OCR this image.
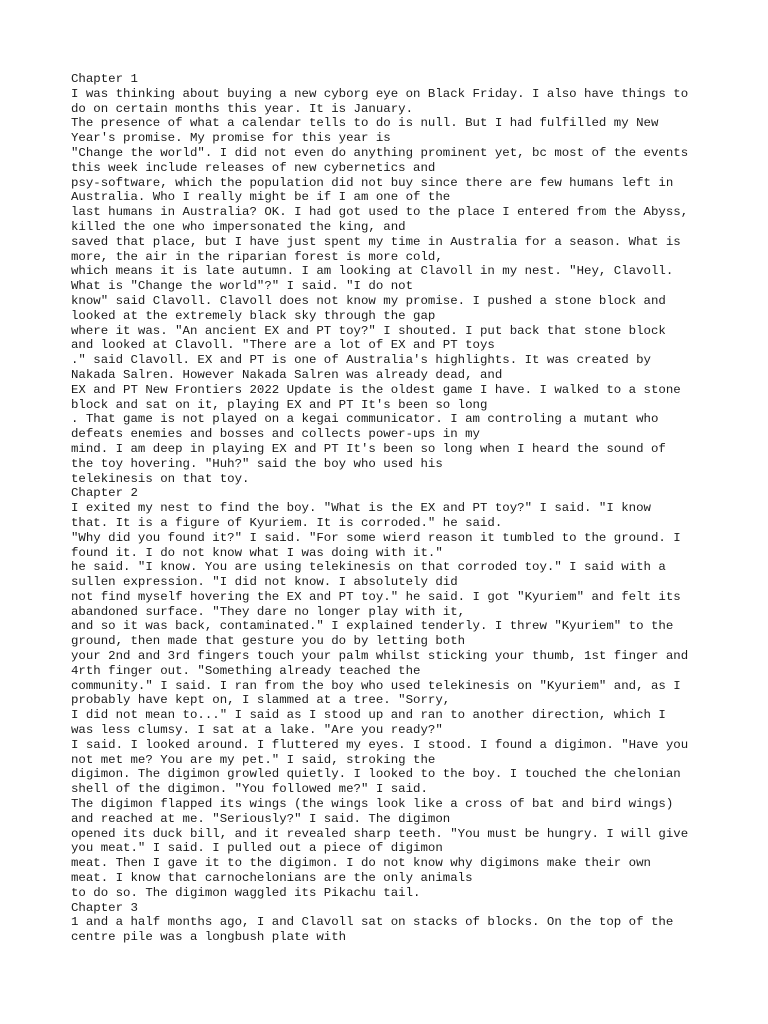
Chapter 1
I was thinking about buying a new cyborg eye on Black Friday. I also have things to
do on certain months this year. It is January.
The presence of what a calendar tells to do is null. But I had fulfilled my New
Year's promise. My promise for this year is
"Change the world". I did not even do anything prominent yet, bc most of the events
this week include releases of new cybernetics and
psy-software, which the population did not buy since there are few humans left in
Australia. Who I really might be if I am one of the
last humans in Australia? OK. I had got used to the place I entered from the Abyss,
killed the one who impersonated the king, and
saved that place, but I have just spent my time in Australia for a season. What is
more, the air in the riparian forest is more cold,
which means it is late autumn. I am looking at Clavoll in my nest. "Hey, Clavoll.
What is "Change the world"?" I said. "I do not
know" said Clavoll. Clavoll does not know my promise. I pushed a stone block and
looked at the extremely black sky through the gap
where it was. "An ancient EX and PT toy?" I shouted. I put back that stone block
and looked at Clavoll. "There are a lot of EX and PT toys
." said Clavoll. EX and PT is one of Australia's highlights. It was created by
Nakada Salren. However Nakada Salren was already dead, and
EX and PT New Frontiers 2022 Update is the oldest game I have. I walked to a stone
block and sat on it, playing EX and PT It's been so long
. That game is not played on a kegai communicator. I am controling a mutant who
defeats enemies and bosses and collects power-ups in my
mind. I am deep in playing EX and PT It's been so long when I heard the sound of
the toy hovering. "Huh?" said the boy who used his
telekinesis on that toy.
Chapter 2
I exited my nest to find the boy. "What is the EX and PT toy?" I said. "I know
that. It is a figure of Kyuriem. It is corroded." he said.
"Why did you found it?" I said. "For some wierd reason it tumbled to the ground. I
found it. I do not know what I was doing with it."
he said. "I know. You are using telekinesis on that corroded toy." I said with a
sullen expression. "I did not know. I absolutely did
not find myself hovering the EX and PT toy." he said. I got "Kyuriem" and felt its
abandoned surface. "They dare no longer play with it,
and so it was back, contaminated." I explained tenderly. I threw "Kyuriem" to the
ground, then made that gesture you do by letting both
your 2nd and 3rd fingers touch your palm whilst sticking your thumb, 1st finger and
4rth finger out. "Something already teached the
community." I said. I ran from the boy who used telekinesis on "Kyuriem" and, as I
probably have kept on, I slammed at a tree. "Sorry,
I did not mean to..." I said as I stood up and ran to another direction, which I
was less clumsy. I sat at a lake. "Are you ready?"
I said. I looked around. I fluttered my eyes. I stood. I found a digimon. "Have you
not met me? You are my pet." I said, stroking the
digimon. The digimon growled quietly. I looked to the boy. I touched the chelonian
shell of the digimon. "You followed me?" I said.
The digimon flapped its wings (the wings look like a cross of bat and bird wings)
and reached at me. "Seriously?" I said. The digimon
opened its duck bill, and it revealed sharp teeth. "You must be hungry. I will give
you meat." I said. I pulled out a piece of digimon
meat. Then I gave it to the digimon. I do not know why digimons make their own
meat. I know that carnochelonians are the only animals
to do so. The digimon waggled its Pikachu tail.
Chapter 3
1 and a half months ago, I and Clavoll sat on stacks of blocks. On the top of the
centre pile was a longbush plate with
